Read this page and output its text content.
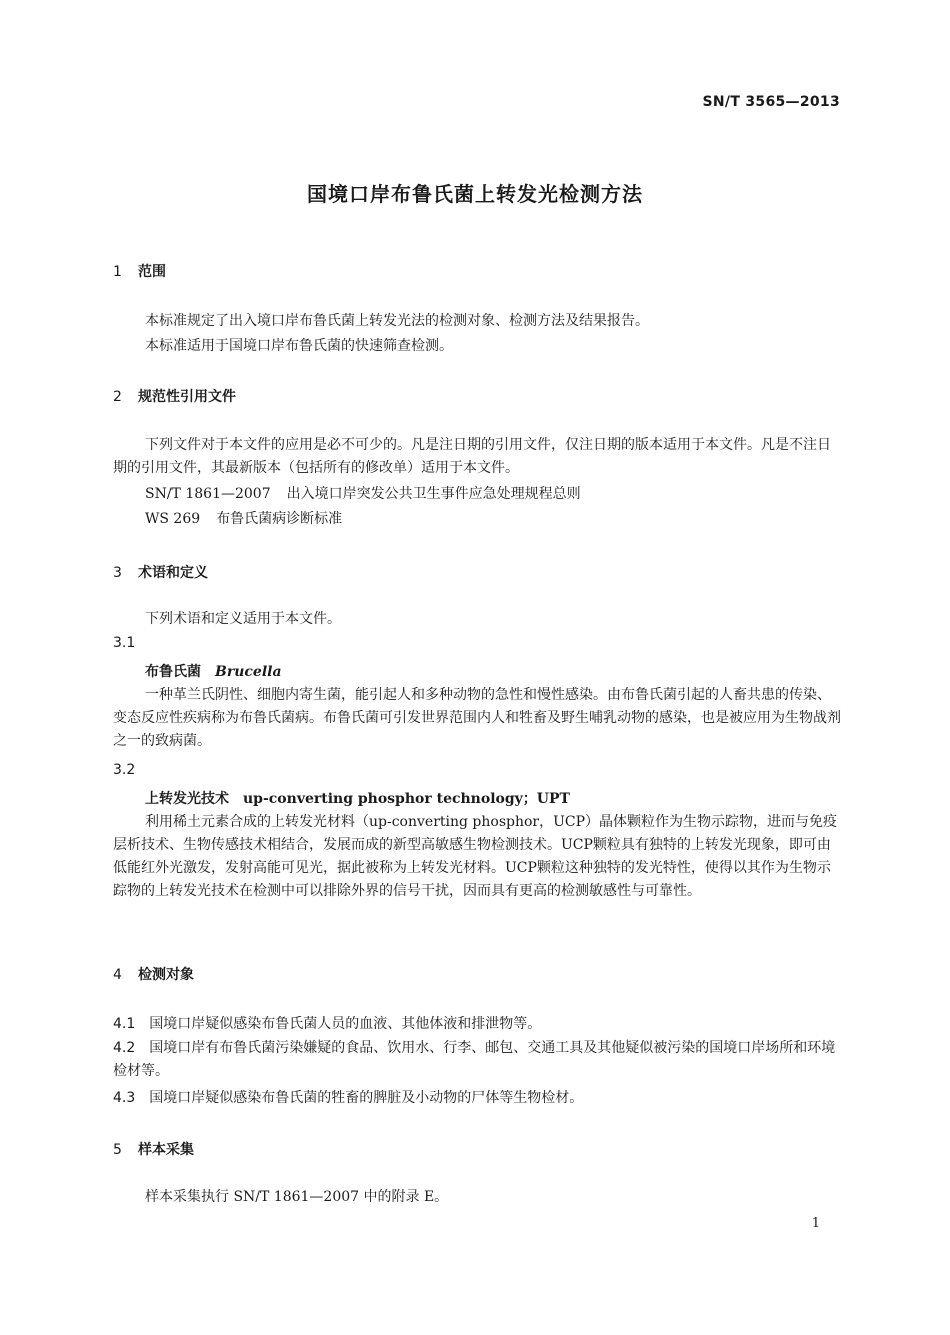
SN/T 3565—2013
国境口岸布鲁氏菌上转发光检测方法
1 范围
本标准规定了出入境口岸布鲁氏菌上转发光法的检测对象、检测方法及结果报告。
本标准适用于国境口岸布鲁氏菌的快速筛查检测。
2 规范性引用文件
下列文件对于本文件的应用是必不可少的。凡是注日期的引用文件，仅注日期的版本适用于本文件。凡是不注日期的引用文件，其最新版本（包括所有的修改单）适用于本文件。
SN/T 1861—2007 出入境口岸突发公共卫生事件应急处理规程总则
WS 269 布鲁氏菌病诊断标准
3 术语和定义
下列术语和定义适用于本文件。
3.1
布鲁氏菌 Brucella
一种革兰氏阴性、细胞内寄生菌，能引起人和多种动物的急性和慢性感染。由布鲁氏菌引起的人畜共患的传染、变态反应性疾病称为布鲁氏菌病。布鲁氏菌可引发世界范围内人和牲畜及野生哺乳动物的感染，也是被应用为生物战剂之一的致病菌。
3.2
上转发光技术 up-converting phosphor technology；UPT
利用稀土元素合成的上转发光材料（up-converting phosphor，UCP）晶体颗粒作为生物示踪物，进而与免疫层析技术、生物传感技术相结合，发展而成的新型高敏感生物检测技术。UCP颗粒具有独特的上转发光现象，即可由低能红外光激发，发射高能可见光，据此被称为上转发光材料。UCP颗粒这种独特的发光特性，使得以其作为生物示踪物的上转发光技术在检测中可以排除外界的信号干扰，因而具有更高的检测敏感性与可靠性。
4 检测对象
4.1 国境口岸疑似感染布鲁氏菌人员的血液、其他体液和排泄物等。
4.2 国境口岸有布鲁氏菌污染嫌疑的食品、饮用水、行李、邮包、交通工具及其他疑似被污染的国境口岸场所和环境检材等。
4.3 国境口岸疑似感染布鲁氏菌的牲畜的脾脏及小动物的尸体等生物检材。
5 样本采集
样本采集执行 SN/T 1861—2007 中的附录 E。
1
